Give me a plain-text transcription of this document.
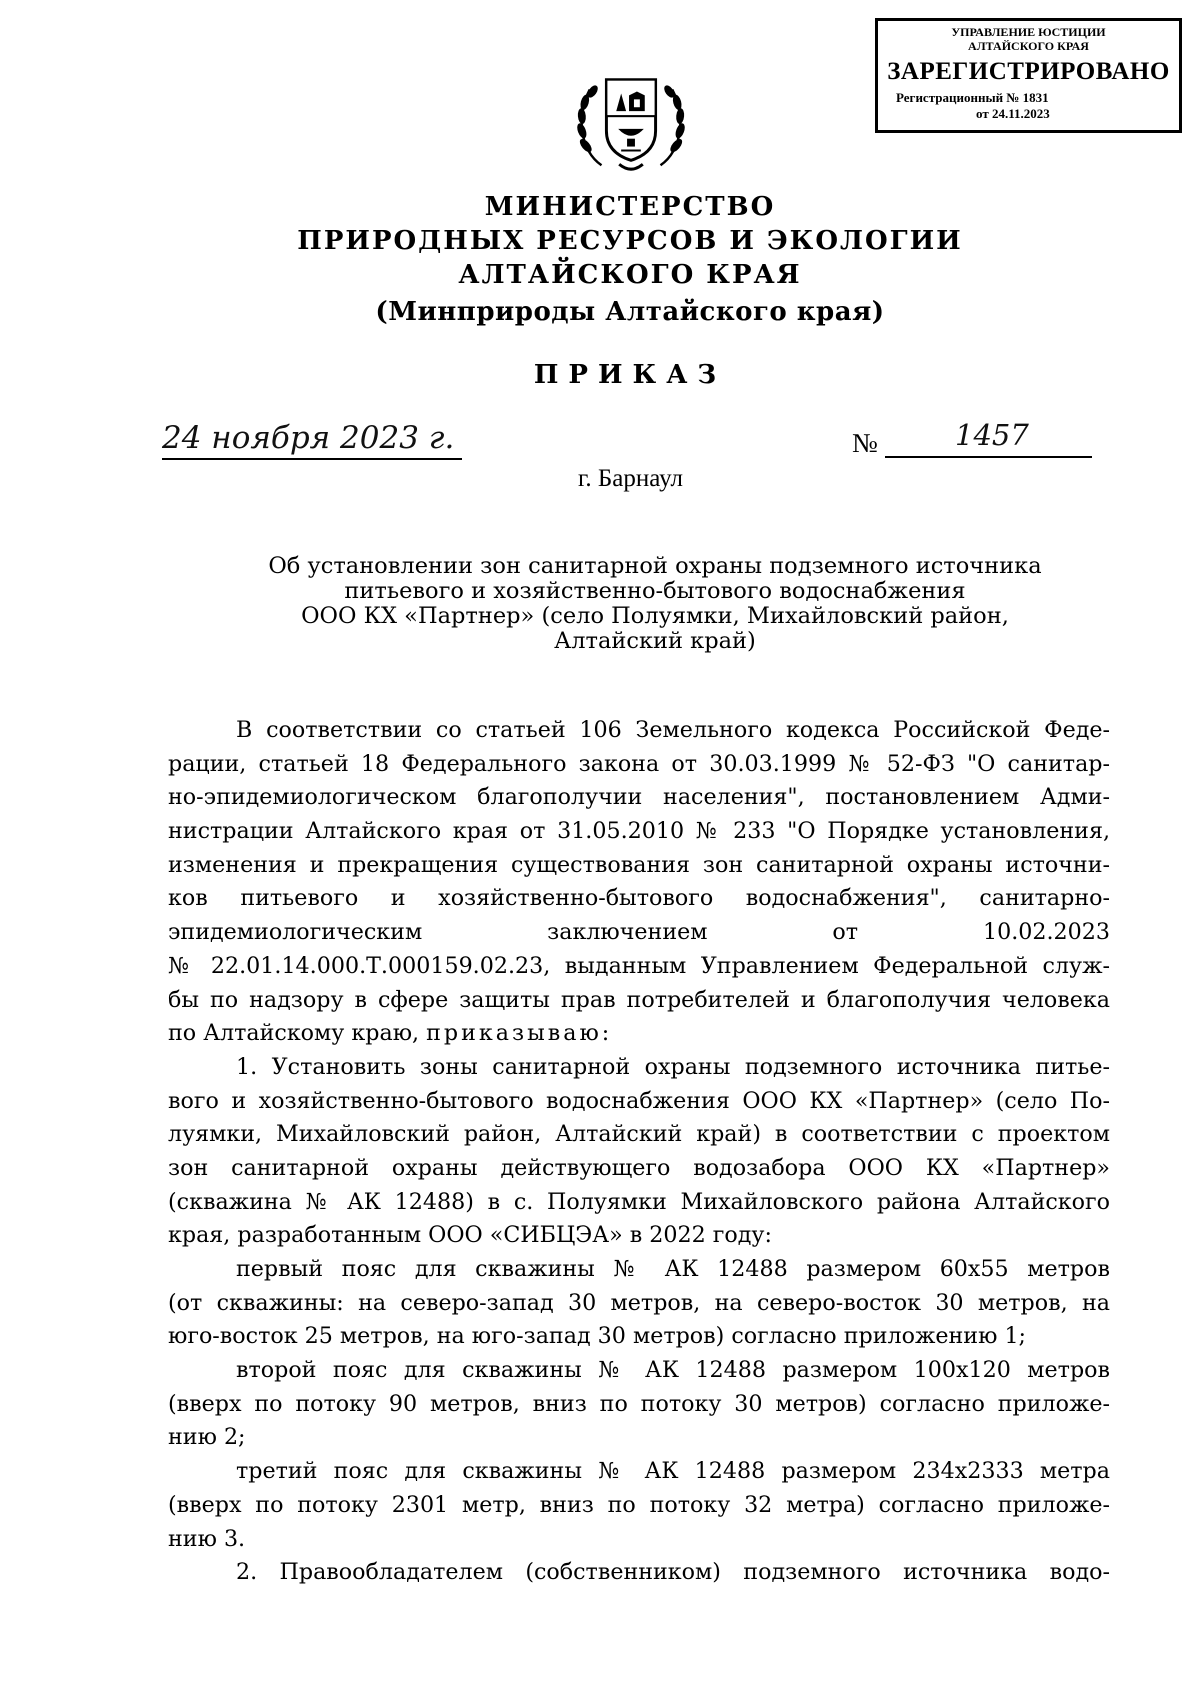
УПРАВЛЕНИЕ ЮСТИЦИИ
АЛТАЙСКОГО КРАЯ
ЗАРЕГИСТРИРОВАНО
Регистрационный № 1831
от 24.11.2023
МИНИСТЕРСТВО
ПРИРОДНЫХ РЕСУРСОВ И ЭКОЛОГИИ
АЛТАЙСКОГО КРАЯ
(Минприроды Алтайского края)
ПРИКАЗ
24 ноября 2023 г.	№	1457
г. Барнаул
Об установлении зон санитарной охраны подземного источника
питьевого и хозяйственно-бытового водоснабжения
ООО КХ «Партнер» (село Полуямки, Михайловский район,
Алтайский край)
В соответствии со статьей 106 Земельного кодекса Российской Феде-
рации, статьей 18 Федерального закона от 30.03.1999 № 52-ФЗ "О санитар-
но-эпидемиологическом благополучии населения", постановлением Адми-
нистрации Алтайского края от 31.05.2010 № 233 "О Порядке установления,
изменения и прекращения существования зон санитарной охраны источни-
ков питьевого и хозяйственно-бытового водоснабжения", санитарно-
эпидемиологическим заключением от 10.02.2023
№ 22.01.14.000.Т.000159.02.23, выданным Управлением Федеральной служ-
бы по надзору в сфере защиты прав потребителей и благополучия человека
по Алтайскому краю, приказываю:
1. Установить зоны санитарной охраны подземного источника питье-
вого и хозяйственно-бытового водоснабжения ООО КХ «Партнер» (село По-
луямки, Михайловский район, Алтайский край) в соответствии с проектом
зон санитарной охраны действующего водозабора ООО КХ «Партнер»
(скважина № АК 12488) в с. Полуямки Михайловского района Алтайского
края, разработанным ООО «СИБЦЭА» в 2022 году:
первый пояс для скважины № АК 12488 размером 60х55 метров
(от скважины: на северо-запад 30 метров, на северо-восток 30 метров, на
юго-восток 25 метров, на юго-запад 30 метров) согласно приложению 1;
второй пояс для скважины № АК 12488 размером 100х120 метров
(вверх по потоку 90 метров, вниз по потоку 30 метров) согласно приложе-
нию 2;
третий пояс для скважины № АК 12488 размером 234х2333 метра
(вверх по потоку 2301 метр, вниз по потоку 32 метра) согласно приложе-
нию 3.
2. Правообладателем (собственником) подземного источника водо-
